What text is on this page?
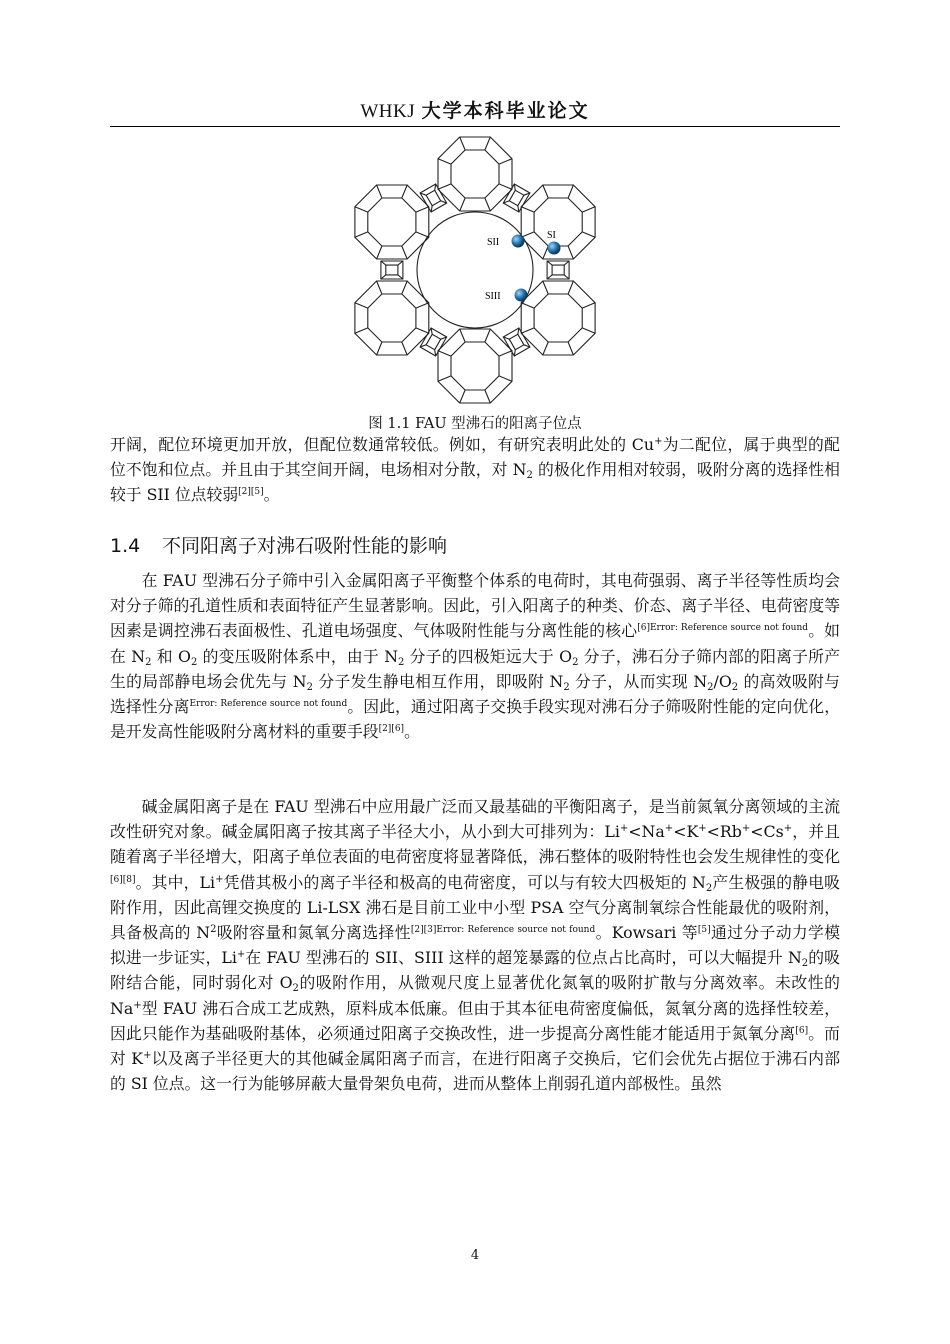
WHKJ 大学本科毕业论文
SII
SI
SIII
图 1.1 FAU 型沸石的阳离子位点

开阔，配位环境更加开放，但配位数通常较低。例如，有研究表明此处的 Cu+为二配位，属于典型的配位不饱和位点。并且由于其空间开阔，电场相对分散，对 $N_2$ 的极化作用相对较弱，吸附分离的选择性相较于 SII 位点较弱[2][5]。

1.4 不同阳离子对沸石吸附性能的影响

在 FAU 型沸石分子筛中引入金属阳离子平衡整个体系的电荷时，其电荷强弱、离子半径等性质均会对分子筛的孔道性质和表面特征产生显著影响。因此，引入阳离子的种类、价态、离子半径、电荷密度等因素是调控沸石表面极性、孔道电场强度、气体吸附性能与分离性能的核心$^{[6]Error: Reference source not found}$。如在 $N_2$ 和 $O_2$ 的变压吸附体系中，由于 $N_2$ 分子的四极矩远大于 $O_2$ 分子，沸石分子筛内部的阳离子所产生的局部静电场会优先与 $N_2$ 分子发生静电相互作用，即吸附 $N_2$ 分子，从而实现 $N_2/O_2$ 的高效吸附与选择性分离$^{Error: Reference source not found}$。因此，通过阳离子交换手段实现对沸石分子筛吸附性能的定向优化，是开发高性能吸附分离材料的重要手段[2][6]。

碱金属阳离子是在 FAU 型沸石中应用最广泛而又最基础的平衡阳离子，是当前氮氧分离领域的主流改性研究对象。碱金属阳离子按其离子半径大小，从小到大可排列为：Li+<Na+<K+<Rb+<Cs+，并且随着离子半径增大，阳离子单位表面的电荷密度将显著降低，沸石整体的吸附特性也会发生规律性的变化[6][8]。其中，Li+凭借其极小的离子半径和极高的电荷密度，可以与有较大四极矩的 $N_2$产生极强的静电吸附作用，因此高锂交换度的 Li-LSX 沸石是目前工业中小型 PSA 空气分离制氧综合性能最优的吸附剂，具备极高的 $N^2$吸附容量和氮氧分离选择性$^{[2][3]Error: Reference source not found}$。Kowsari 等[5]通过分子动力学模拟进一步证实，Li+在 FAU 型沸石的 SII、SIII 这样的超笼暴露的位点占比高时，可以大幅提升 $N_2$的吸附结合能，同时弱化对 $O_2$的吸附作用，从微观尺度上显著优化氮氧的吸附扩散与分离效率。未改性的 Na+型 FAU 沸石合成工艺成熟，原料成本低廉。但由于其本征电荷密度偏低，氮氧分离的选择性较差，因此只能作为基础吸附基体，必须通过阳离子交换改性，进一步提高分离性能才能适用于氮氧分离[6]。而对 K+以及离子半径更大的其他碱金属阳离子而言，在进行阳离子交换后，它们会优先占据位于沸石内部的 SI 位点。这一行为能够屏蔽大量骨架负电荷，进而从整体上削弱孔道内部极性。虽然

4
